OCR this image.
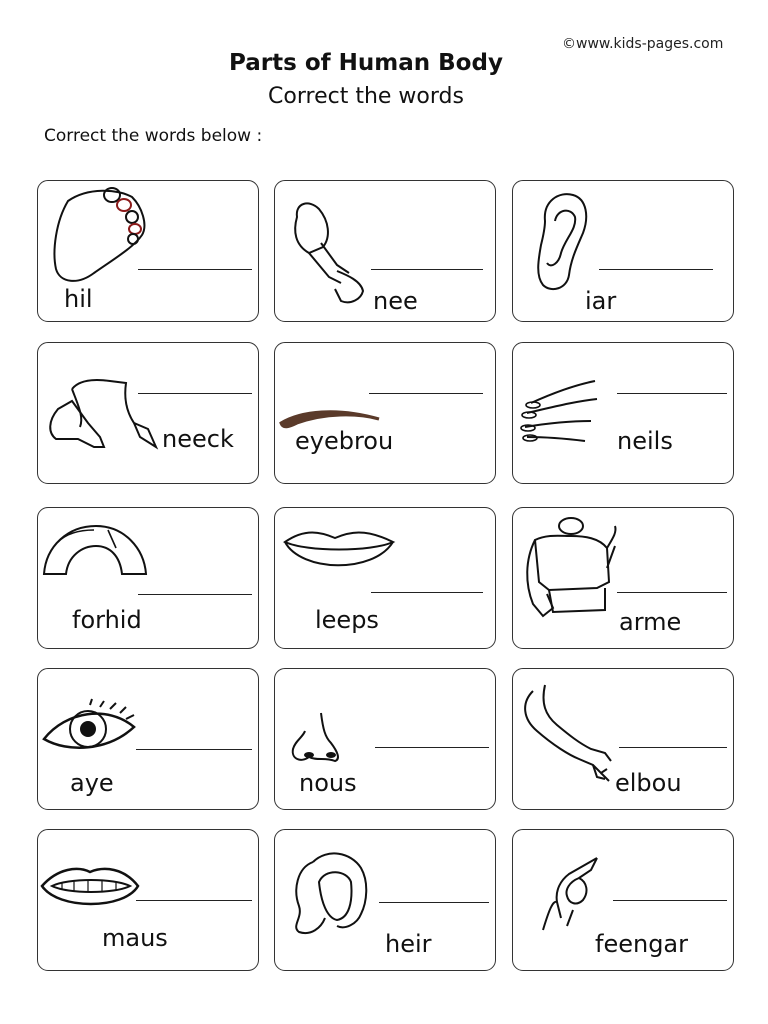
©www.kids-pages.com
Parts of Human Body
Correct the words
Correct the words below :
hil	nee	iar
neeck	eyebrou	neils
forhid	leeps	arme
aye	nous	elbou
maus	heir	feengar
